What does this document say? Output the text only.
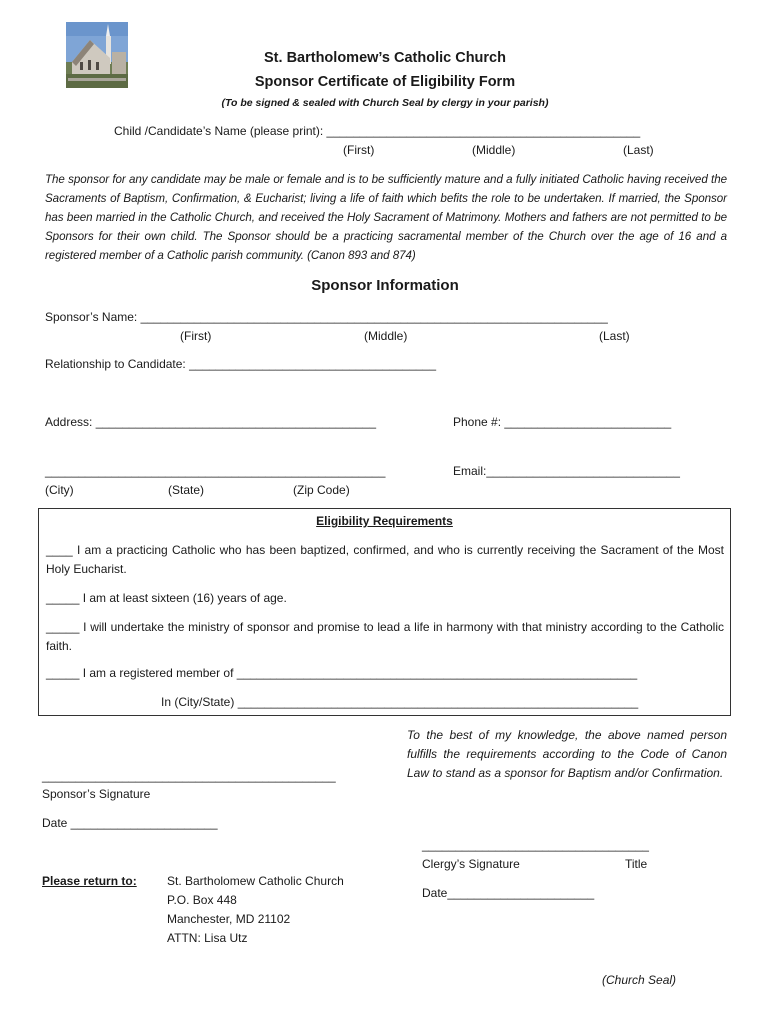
St. Bartholomew’s Catholic Church
Sponsor Certificate of Eligibility Form
(To be signed & sealed with Church Seal by clergy in your parish)
Child /Candidate’s Name (please print): _______________________________________________
(First)	(Middle)	(Last)
The sponsor for any candidate may be male or female and is to be sufficiently mature and a fully initiated Catholic having received the Sacraments of Baptism, Confirmation, & Eucharist; living a life of faith which befits the role to be undertaken. If married, the Sponsor has been married in the Catholic Church, and received the Holy Sacrament of Matrimony. Mothers and fathers are not permitted to be Sponsors for their own child. The Sponsor should be a practicing sacramental member of the Church over the age of 16 and a registered member of a Catholic parish community. (Canon 893 and 874)
Sponsor Information
Sponsor’s Name: ______________________________________________________________________
(First)	(Middle)	(Last)
Relationship to Candidate: _____________________________________
Address: __________________________________________	Phone #: _________________________
___________________________________________________	Email:_____________________________
(City)	(State)	(Zip Code)
Eligibility Requirements
____ I am a practicing Catholic who has been baptized, confirmed, and who is currently receiving the Sacrament of the Most Holy Eucharist.
_____ I am at least sixteen (16) years of age.
_____ I will undertake the ministry of sponsor and promise to lead a life in harmony with that ministry according to the Catholic faith.
_____ I am a registered member of ____________________________________________________________
In (City/State) ____________________________________________________________
To the best of my knowledge, the above named person fulfills the requirements according to the Code of Canon Law to stand as a sponsor for Baptism and/or Confirmation.
____________________________________________
Sponsor’s Signature
Date ______________________
__________________________________
Clergy’s Signature	Title
Date______________________
Please return to:	St. Bartholomew Catholic Church
P.O. Box 448
Manchester, MD 21102
ATTN: Lisa Utz
(Church Seal)
